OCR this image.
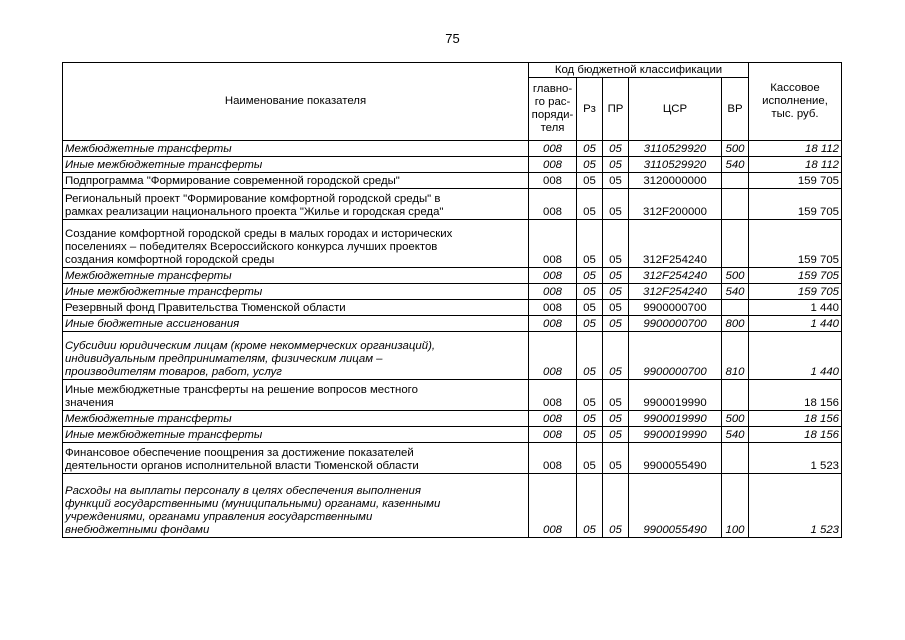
75
Наименование показателя	Код бюджетной классификации					Кассовое
исполнение,
тыс. руб.
	главно-
го рас-
поряди-
теля	Рз	ПР	ЦСР	ВР	
Межбюджетные трансферты	008	05	05	3110529920	500	18 112
Иные межбюджетные трансферты	008	05	05	3110529920	540	18 112
Подпрограмма "Формирование современной городской среды"	008	05	05	3120000000		159 705
Региональный проект "Формирование комфортной городской среды" в
рамках реализации национального проекта "Жилье и городская среда"	008	05	05	312F200000		159 705
Создание комфортной городской среды в малых городах и исторических
поселениях – победителях Всероссийского конкурса лучших проектов
создания комфортной городской среды	008	05	05	312F254240		159 705
Межбюджетные трансферты	008	05	05	312F254240	500	159 705
Иные межбюджетные трансферты	008	05	05	312F254240	540	159 705
Резервный фонд Правительства Тюменской области	008	05	05	9900000700		1 440
Иные бюджетные ассигнования	008	05	05	9900000700	800	1 440
Субсидии юридическим лицам (кроме некоммерческих организаций),
индивидуальным предпринимателям, физическим лицам –
производителям товаров, работ, услуг	008	05	05	9900000700	810	1 440
Иные межбюджетные трансферты на решение вопросов местного
значения	008	05	05	9900019990		18 156
Межбюджетные трансферты	008	05	05	9900019990	500	18 156
Иные межбюджетные трансферты	008	05	05	9900019990	540	18 156
Финансовое обеспечение поощрения за достижение показателей
деятельности органов исполнительной власти Тюменской области	008	05	05	9900055490		1 523
Расходы на выплаты персоналу в целях обеспечения выполнения
функций государственными (муниципальными) органами, казенными
учреждениями, органами управления государственными
внебюджетными фондами	008	05	05	9900055490	100	1 523
